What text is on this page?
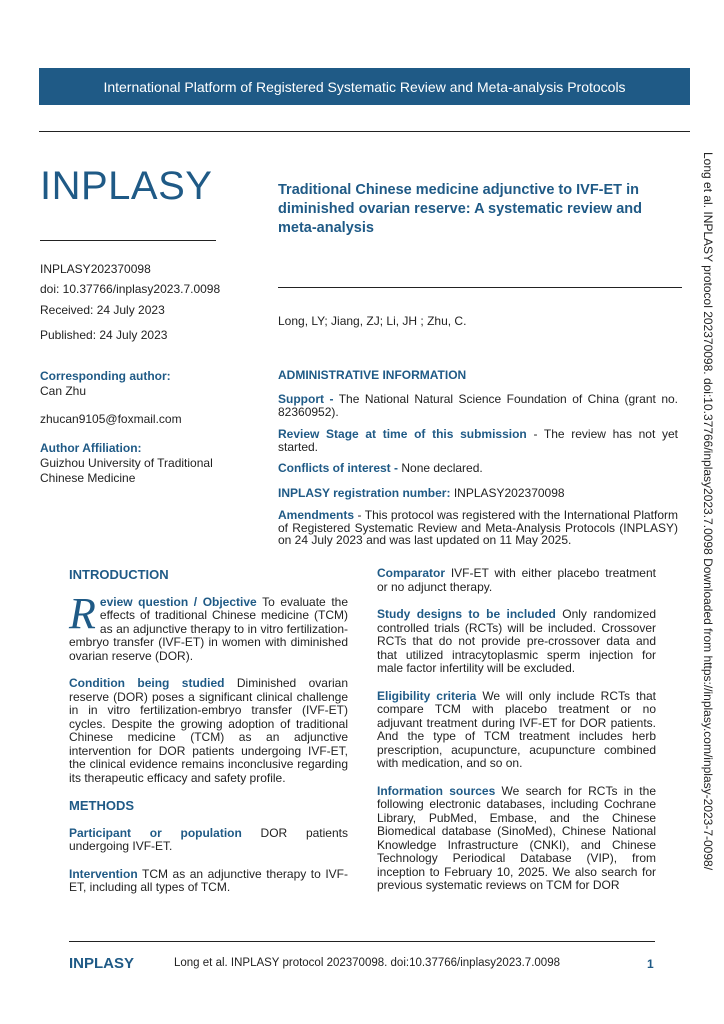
International Platform of Registered Systematic Review and Meta-analysis Protocols
INPLASY
INPLASY202370098
doi: 10.37766/inplasy2023.7.0098
Received: 24 July 2023
Published: 24 July 2023
Traditional Chinese medicine adjunctive to IVF-ET in diminished ovarian reserve: A systematic review and meta-analysis
Long, LY; Jiang, ZJ; Li, JH ; Zhu, C.
Corresponding author:
Can Zhu
zhucan9105@foxmail.com
Author Affiliation:
Guizhou University of Traditional Chinese Medicine
ADMINISTRATIVE INFORMATION
Support - The National Natural Science Foundation of China (grant no. 82360952).
Review Stage at time of this submission - The review has not yet started.
Conflicts of interest - None declared.
INPLASY registration number: INPLASY202370098
Amendments - This protocol was registered with the International Platform of Registered Systematic Review and Meta-Analysis Protocols (INPLASY) on 24 July 2023 and was last updated on 11 May 2025.
INTRODUCTION
Review question / Objective To evaluate the effects of traditional Chinese medicine (TCM) as an adjunctive therapy to in vitro fertilization-embryo transfer (IVF-ET) in women with diminished ovarian reserve (DOR).
Condition being studied Diminished ovarian reserve (DOR) poses a significant clinical challenge in in vitro fertilization-embryo transfer (IVF-ET) cycles. Despite the growing adoption of traditional Chinese medicine (TCM) as an adjunctive intervention for DOR patients undergoing IVF-ET, the clinical evidence remains inconclusive regarding its therapeutic efficacy and safety profile.
METHODS
Participant or population DOR patients undergoing IVF-ET.
Intervention TCM as an adjunctive therapy to IVF-ET, including all types of TCM.
Comparator IVF-ET with either placebo treatment or no adjunct therapy.
Study designs to be included Only randomized controlled trials (RCTs) will be included. Crossover RCTs that do not provide pre-crossover data and that utilized intracytoplasmic sperm injection for male factor infertility will be excluded.
Eligibility criteria We will only include RCTs that compare TCM with placebo treatment or no adjuvant treatment during IVF-ET for DOR patients. And the type of TCM treatment includes herb prescription, acupuncture, acupuncture combined with medication, and so on.
Information sources We search for RCTs in the following electronic databases, including Cochrane Library, PubMed, Embase, and the Chinese Biomedical database (SinoMed), Chinese National Knowledge Infrastructure (CNKI), and Chinese Technology Periodical Database (VIP), from inception to February 10, 2025. We also search for previous systematic reviews on TCM for DOR
Long et al. INPLASY protocol 202370098. doi:10.37766/inplasy2023.7.0098 Downloaded from https://inplasy.com/inplasy-2023-7-0098/
INPLASY	Long et al. INPLASY protocol 202370098. doi:10.37766/inplasy2023.7.0098	1
